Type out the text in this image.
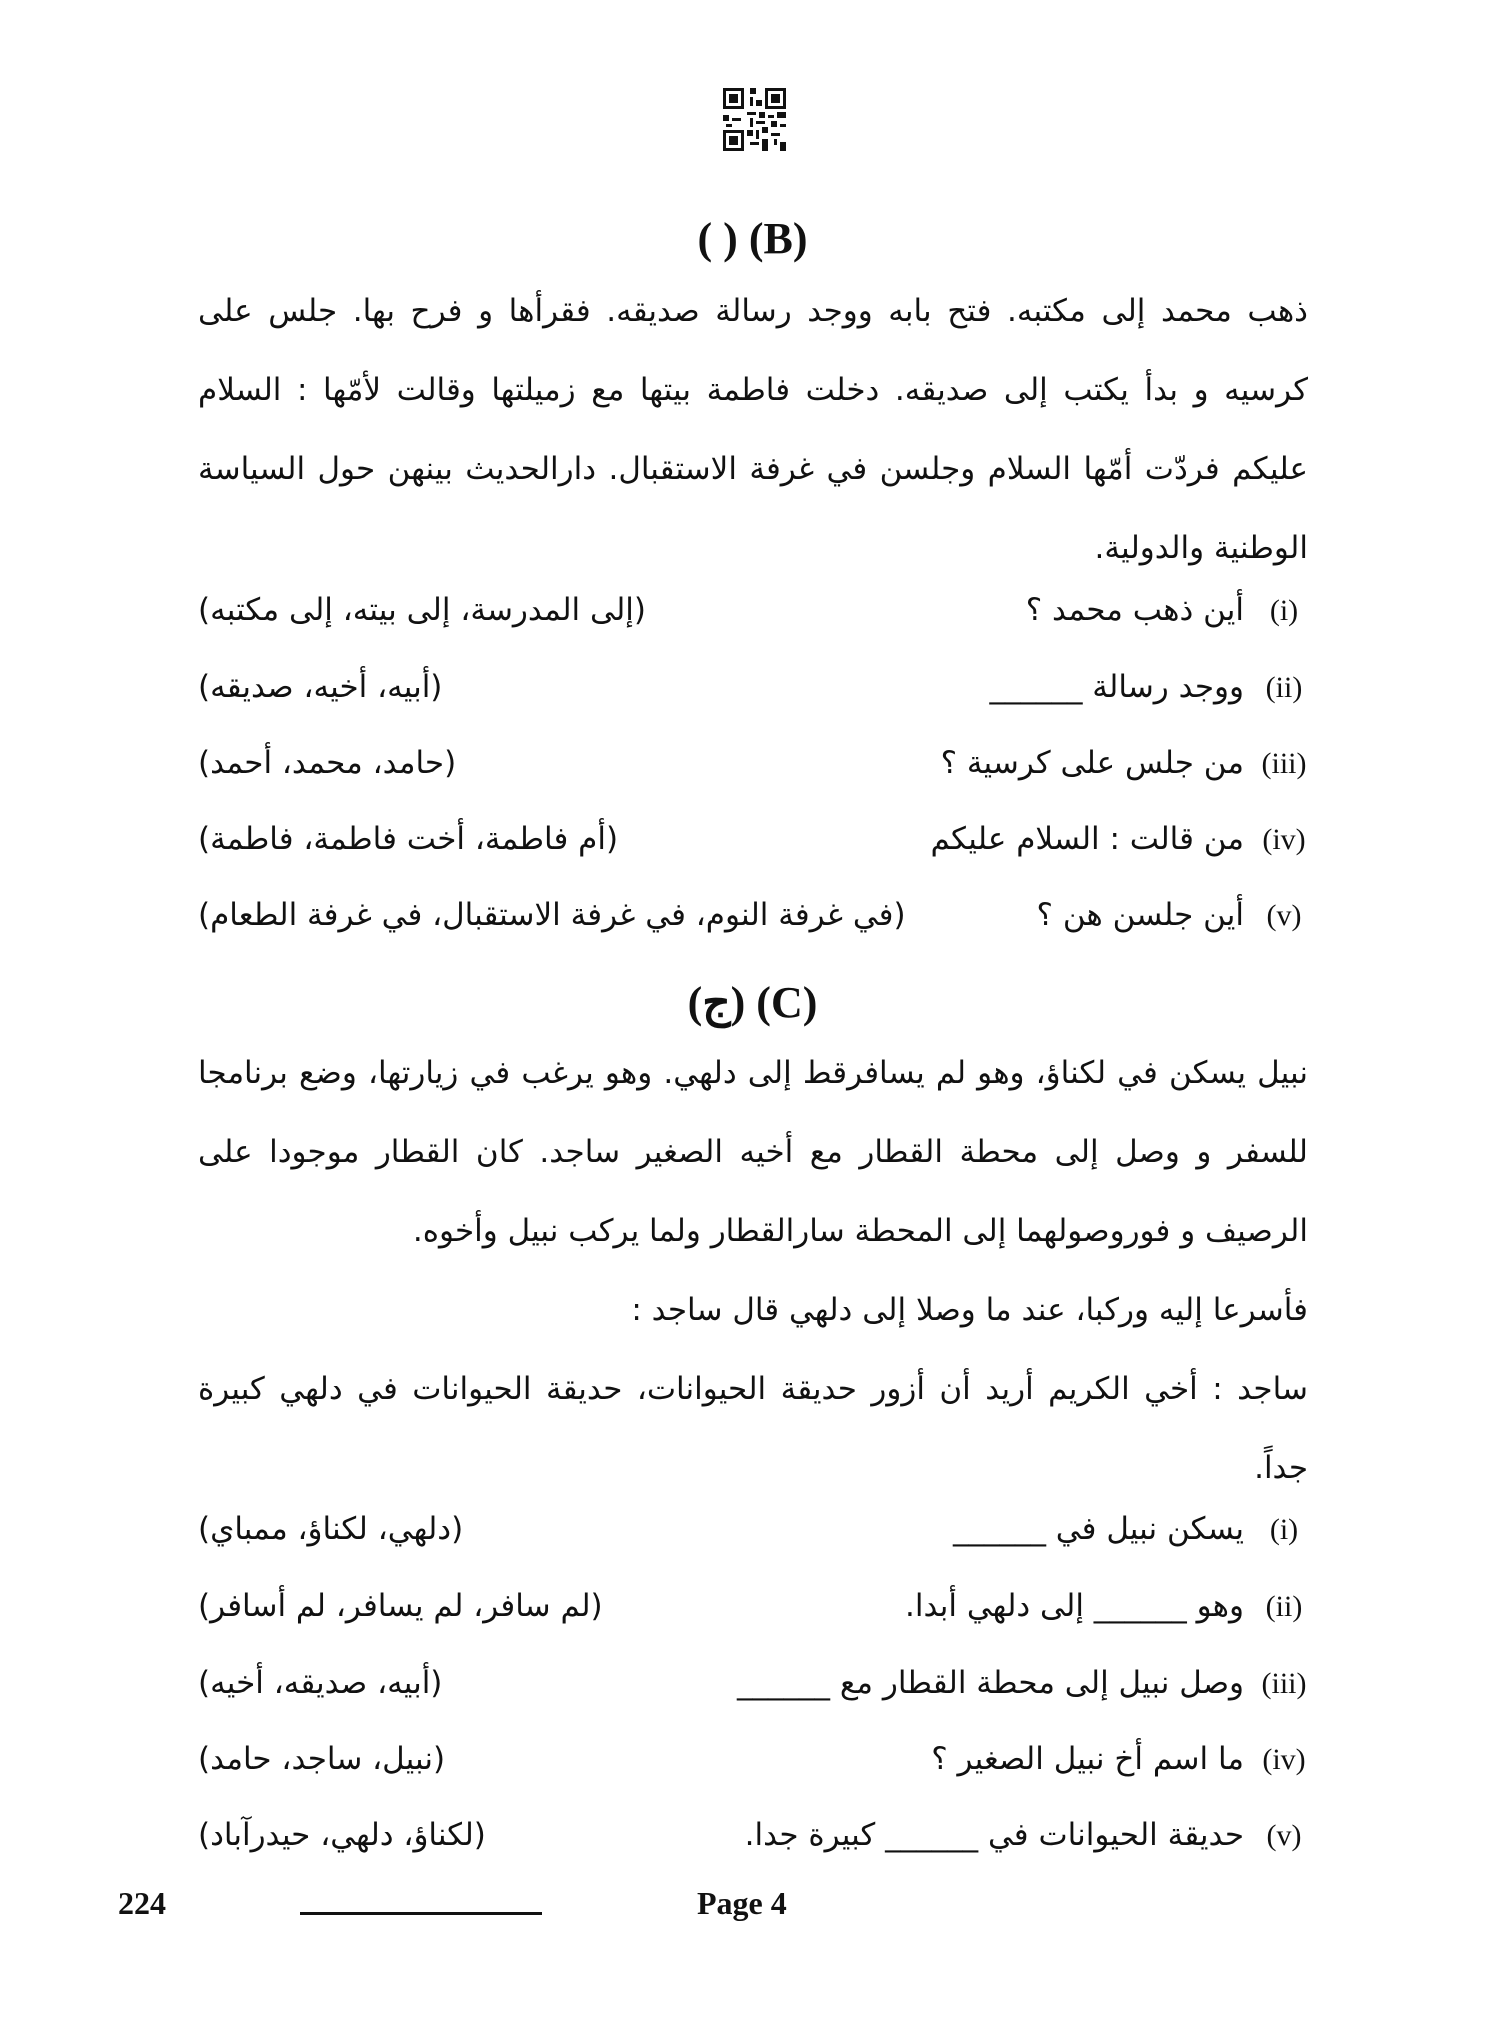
( ) (B)
ذهب محمد إلى مكتبه. فتح بابه ووجد رسالة صديقه. فقرأها و فرح بها. جلس على كرسيه و بدأ يكتب إلى صديقه. دخلت فاطمة بيتها مع زميلتها وقالت لأمّها : السلام عليكم فردّت أمّها السلام وجلسن في غرفة الاستقبال. دارالحديث بينهن حول السياسة الوطنية والدولية.
(i)
أين ذهب محمد ؟
(إلى المدرسة، إلى بيته، إلى مكتبه)
(ii)
ووجد رسالة ______
(أبيه، أخيه، صديقه)
(iii)
من جلس على كرسية ؟
(حامد، محمد، أحمد)
(iv)
من قالت : السلام عليكم
(أم فاطمة، أخت فاطمة، فاطمة)
(v)
أين جلسن هن ؟
(في غرفة النوم، في غرفة الاستقبال، في غرفة الطعام)
(ج) (C)
نبيل يسكن في لكناؤ، وهو لم يسافرقط إلى دلهي. وهو يرغب في زيارتها، وضع برنامجا للسفر و وصل إلى محطة القطار مع أخيه الصغير ساجد. كان القطار موجودا على الرصيف و فوروصولهما إلى المحطة سارالقطار ولما يركب نبيل وأخوه.
فأسرعا إليه وركبا، عند ما وصلا إلى دلهي قال ساجد :
ساجد : أخي الكريم أريد أن أزور حديقة الحيوانات، حديقة الحيوانات في دلهي كبيرة جداً.
(i)
يسكن نبيل في ______
(دلهي، لكناؤ، ممباي)
(ii)
وهو ______ إلى دلهي أبدا.
(لم سافر، لم يسافر، لم أسافر)
(iii)
وصل نبيل إلى محطة القطار مع ______
(أبيه، صديقه، أخيه)
(iv)
ما اسم أخ نبيل الصغير ؟
(نبيل، ساجد، حامد)
(v)
حديقة الحيوانات في ______ كبيرة جدا.
(لكناؤ، دلهي، حيدرآباد)
224	Page 4
